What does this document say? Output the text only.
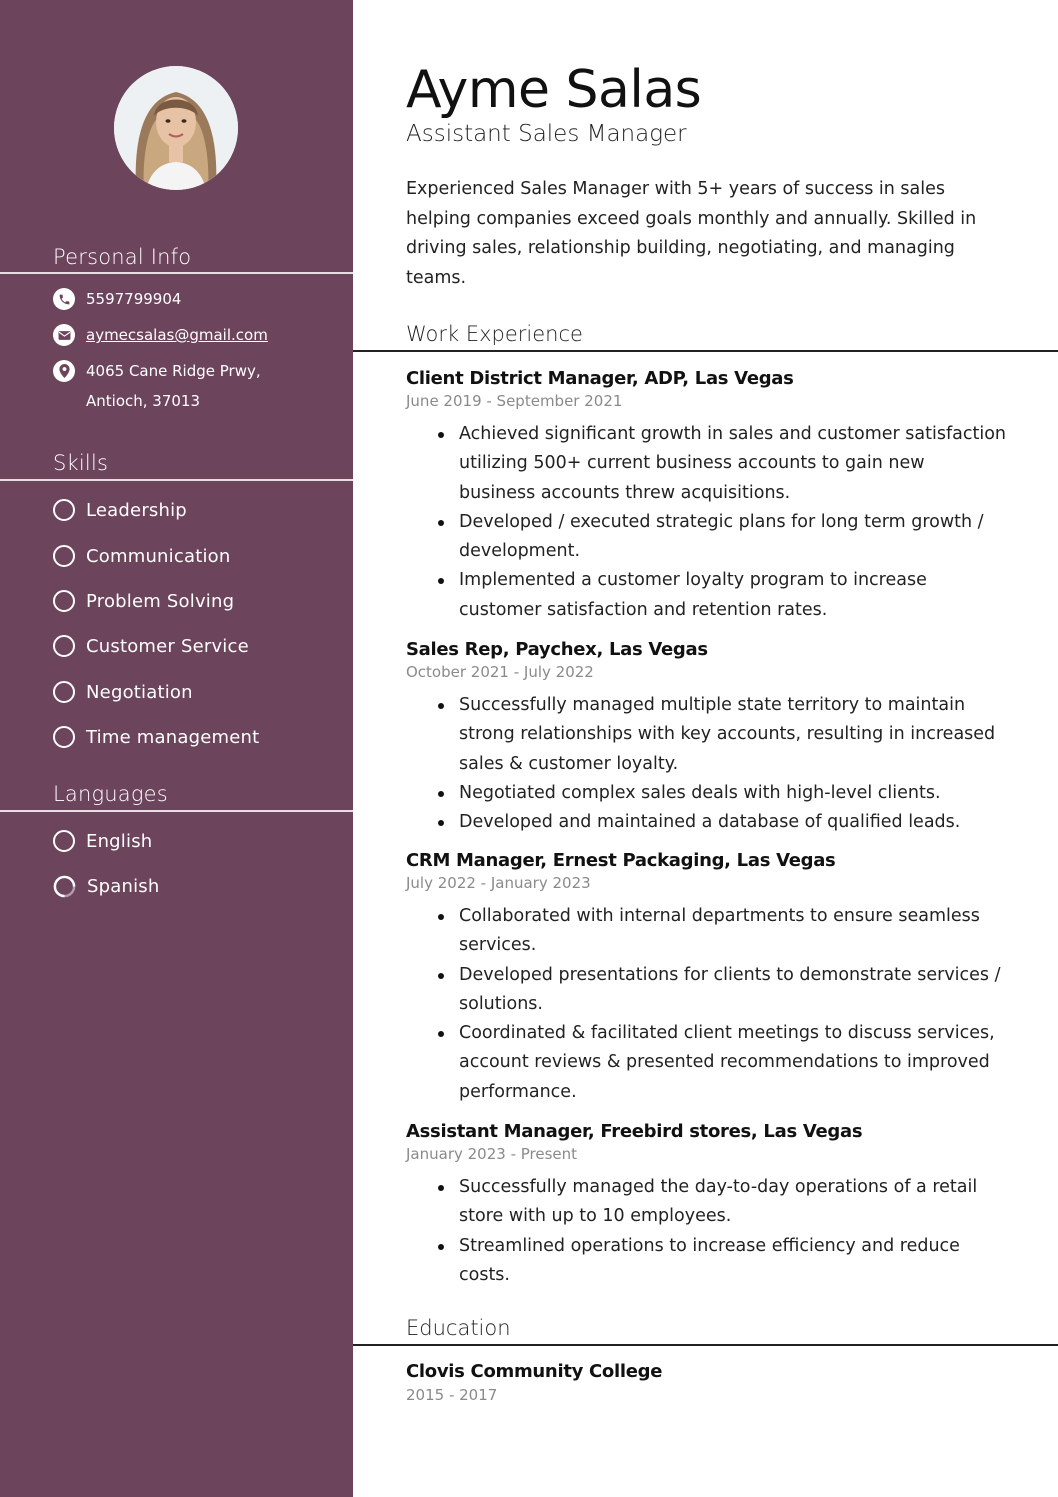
Personal Info
5597799904
aymecsalas@gmail.com
4065 Cane Ridge Prwy,
Antioch, 37013
Skills
Leadership
Communication
Problem Solving
Customer Service
Negotiation
Time management
Languages
English
Spanish
Ayme Salas
Assistant Sales Manager
Experienced Sales Manager with 5+ years of success in sales helping companies exceed goals monthly and annually. Skilled in driving sales, relationship building, negotiating, and managing teams.
Work Experience
Client District Manager, ADP, Las Vegas
June 2019 - September 2021
Achieved significant growth in sales and customer satisfaction utilizing 500+ current business accounts to gain new business accounts threw acquisitions.
Developed / executed strategic plans for long term growth / development.
Implemented a customer loyalty program to increase customer satisfaction and retention rates.
Sales Rep, Paychex, Las Vegas
October 2021 - July 2022
Successfully managed multiple state territory to maintain strong relationships with key accounts, resulting in increased sales & customer loyalty.
Negotiated complex sales deals with high-level clients.
Developed and maintained a database of qualified leads.
CRM Manager, Ernest Packaging, Las Vegas
July 2022 - January 2023
Collaborated with internal departments to ensure seamless services.
Developed presentations for clients to demonstrate services / solutions.
Coordinated & facilitated client meetings to discuss services, account reviews & presented recommendations to improved performance.
Assistant Manager, Freebird stores, Las Vegas
January 2023 - Present
Successfully managed the day-to-day operations of a retail store with up to 10 employees.
Streamlined operations to increase efficiency and reduce costs.
Education
Clovis Community College
2015 - 2017
